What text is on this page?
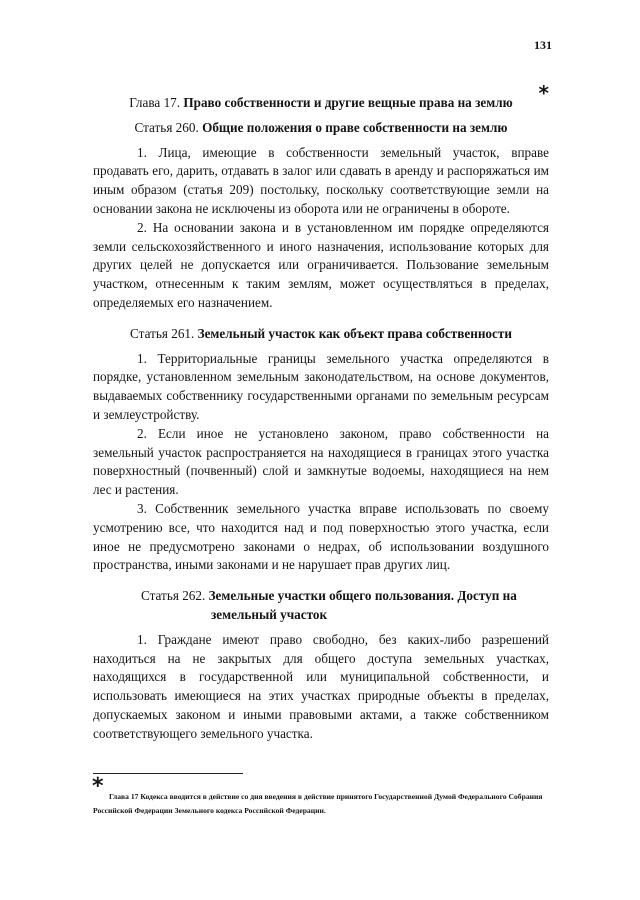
131
Глава 17. Право собственности и другие вещные права на землю *
Статья 260. Общие положения о праве собственности на землю

1. Лица, имеющие в собственности земельный участок, вправе продавать его, дарить, отдавать в залог или сдавать в аренду и распоряжаться им иным образом (статья 209) постольку, поскольку соответствующие земли на основании закона не исключены из оборота или не ограничены в обороте.

2. На основании закона и в установленном им порядке определяются земли сельскохозяйственного и иного назначения, использование которых для других целей не допускается или ограничивается. Пользование земельным участком, отнесенным к таким землям, может осуществляться в пределах, определяемых его назначением.

Статья 261. Земельный участок как объект права собственности

1. Территориальные границы земельного участка определяются в порядке, установленном земельным законодательством, на основе документов, выдаваемых собственнику государственными органами по земельным ресурсам и землеустройству.

2. Если иное не установлено законом, право собственности на земельный участок распространяется на находящиеся в границах этого участка поверхностный (почвенный) слой и замкнутые водоемы, находящиеся на нем лес и растения.

3. Собственник земельного участка вправе использовать по своему усмотрению все, что находится над и под поверхностью этого участка, если иное не предусмотрено законами о недрах, об использовании воздушного пространства, иными законами и не нарушает прав других лиц.

Статья 262. Земельные участки общего пользования. Доступ на
земельный участок

1. Граждане имеют право свободно, без каких-либо разрешений находиться на не закрытых для общего доступа земельных участках, находящихся в государственной или муниципальной собственности, и использовать имеющиеся на этих участках природные объекты в пределах, допускаемых законом и иными правовыми актами, а также собственником соответствующего земельного участка.

* Глава 17 Кодекса вводится в действие со дня введения в действие принятого Государственной Думой Федерального Собрания Российской Федерации Земельного кодекса Российской Федерации.
